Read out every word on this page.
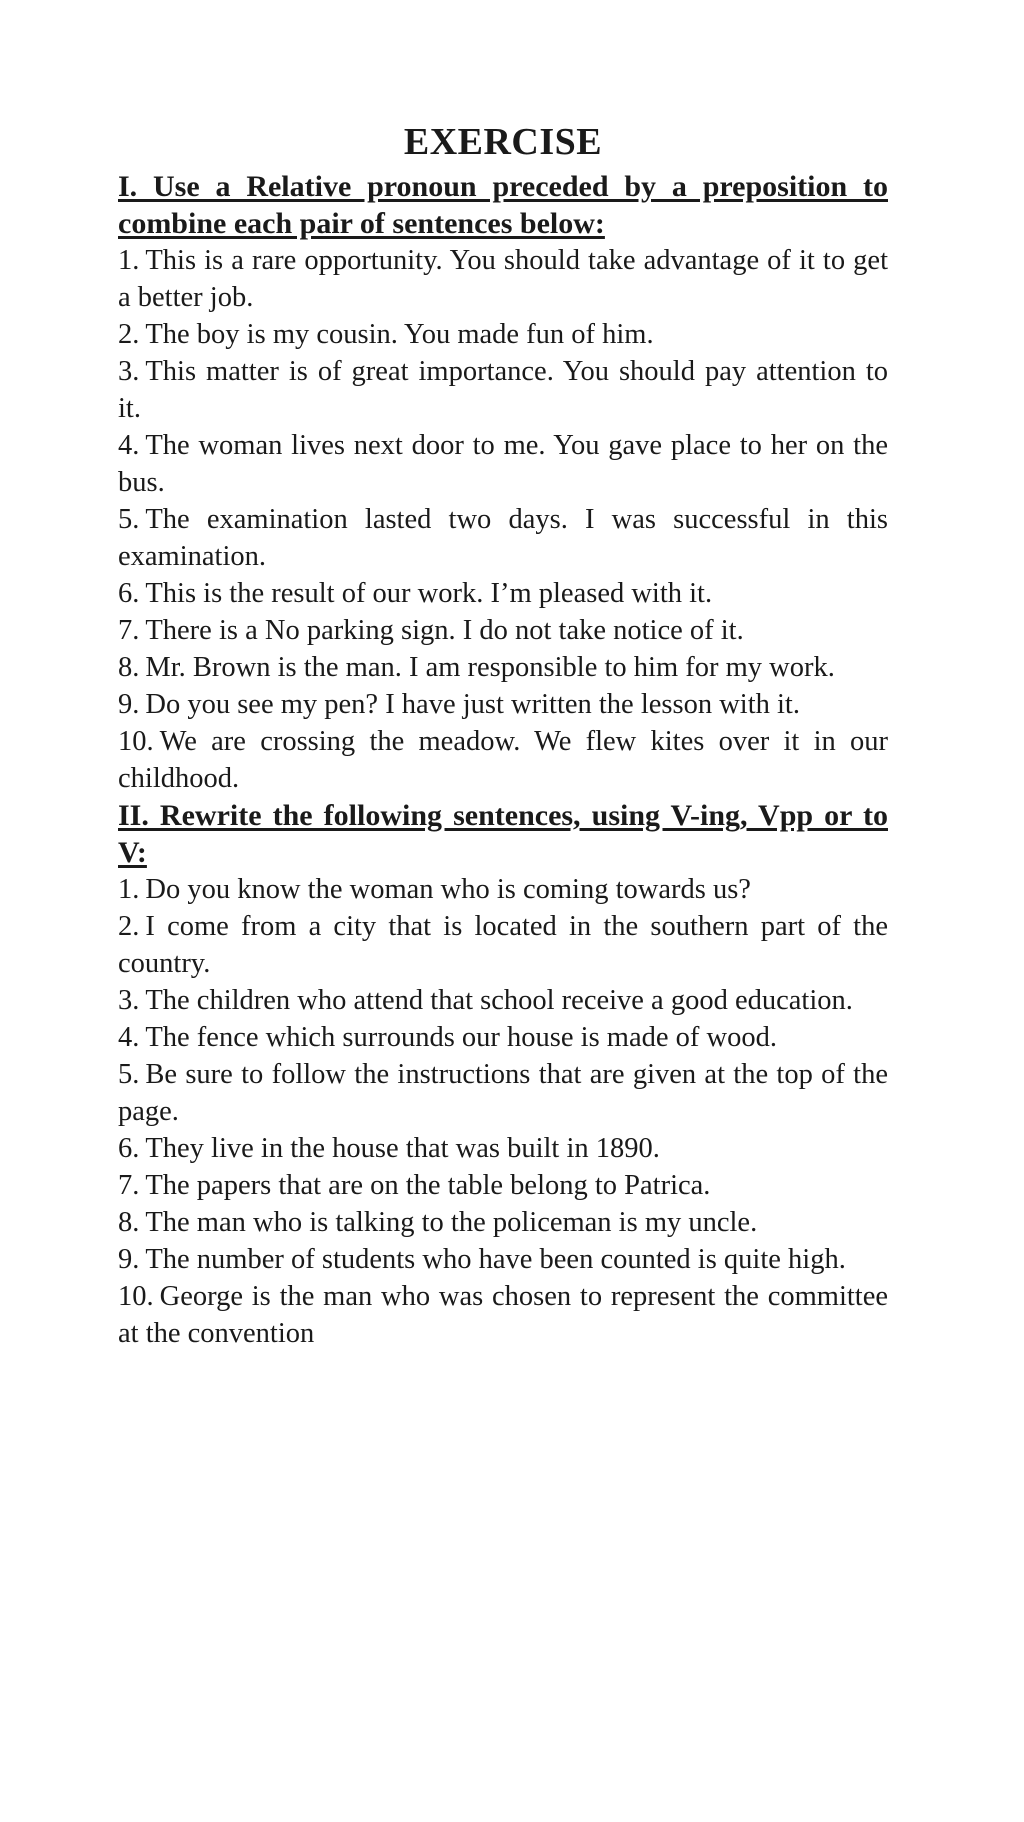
EXERCISE

I. Use a Relative pronoun preceded by a preposition to combine each pair of sentences below:

1. This is a rare opportunity. You should take advantage of it to get a better job.
2. The boy is my cousin. You made fun of him.
3. This matter is of great importance. You should pay attention to it.
4. The woman lives next door to me. You gave place to her on the bus.
5. The examination lasted two days. I was successful in this examination.
6. This is the result of our work. I’m pleased with it.
7. There is a No parking sign. I do not take notice of it.
8. Mr. Brown is the man. I am responsible to him for my work.
9. Do you see my pen? I have just written the lesson with it.
10. We are crossing the meadow. We flew kites over it in our childhood.

II. Rewrite the following sentences, using V-ing, Vpp or to V:

1. Do you know the woman who is coming towards us?
2. I come from a city that is located in the southern part of the country.
3. The children who attend that school receive a good education.
4. The fence which surrounds our house is made of wood.
5. Be sure to follow the instructions that are given at the top of the page.
6. They live in the house that was built in 1890.
7. The papers that are on the table belong to Patrica.
8. The man who is talking to the policeman is my uncle.
9. The number of students who have been counted is quite high.
10. George is the man who was chosen to represent the committee at the convention
